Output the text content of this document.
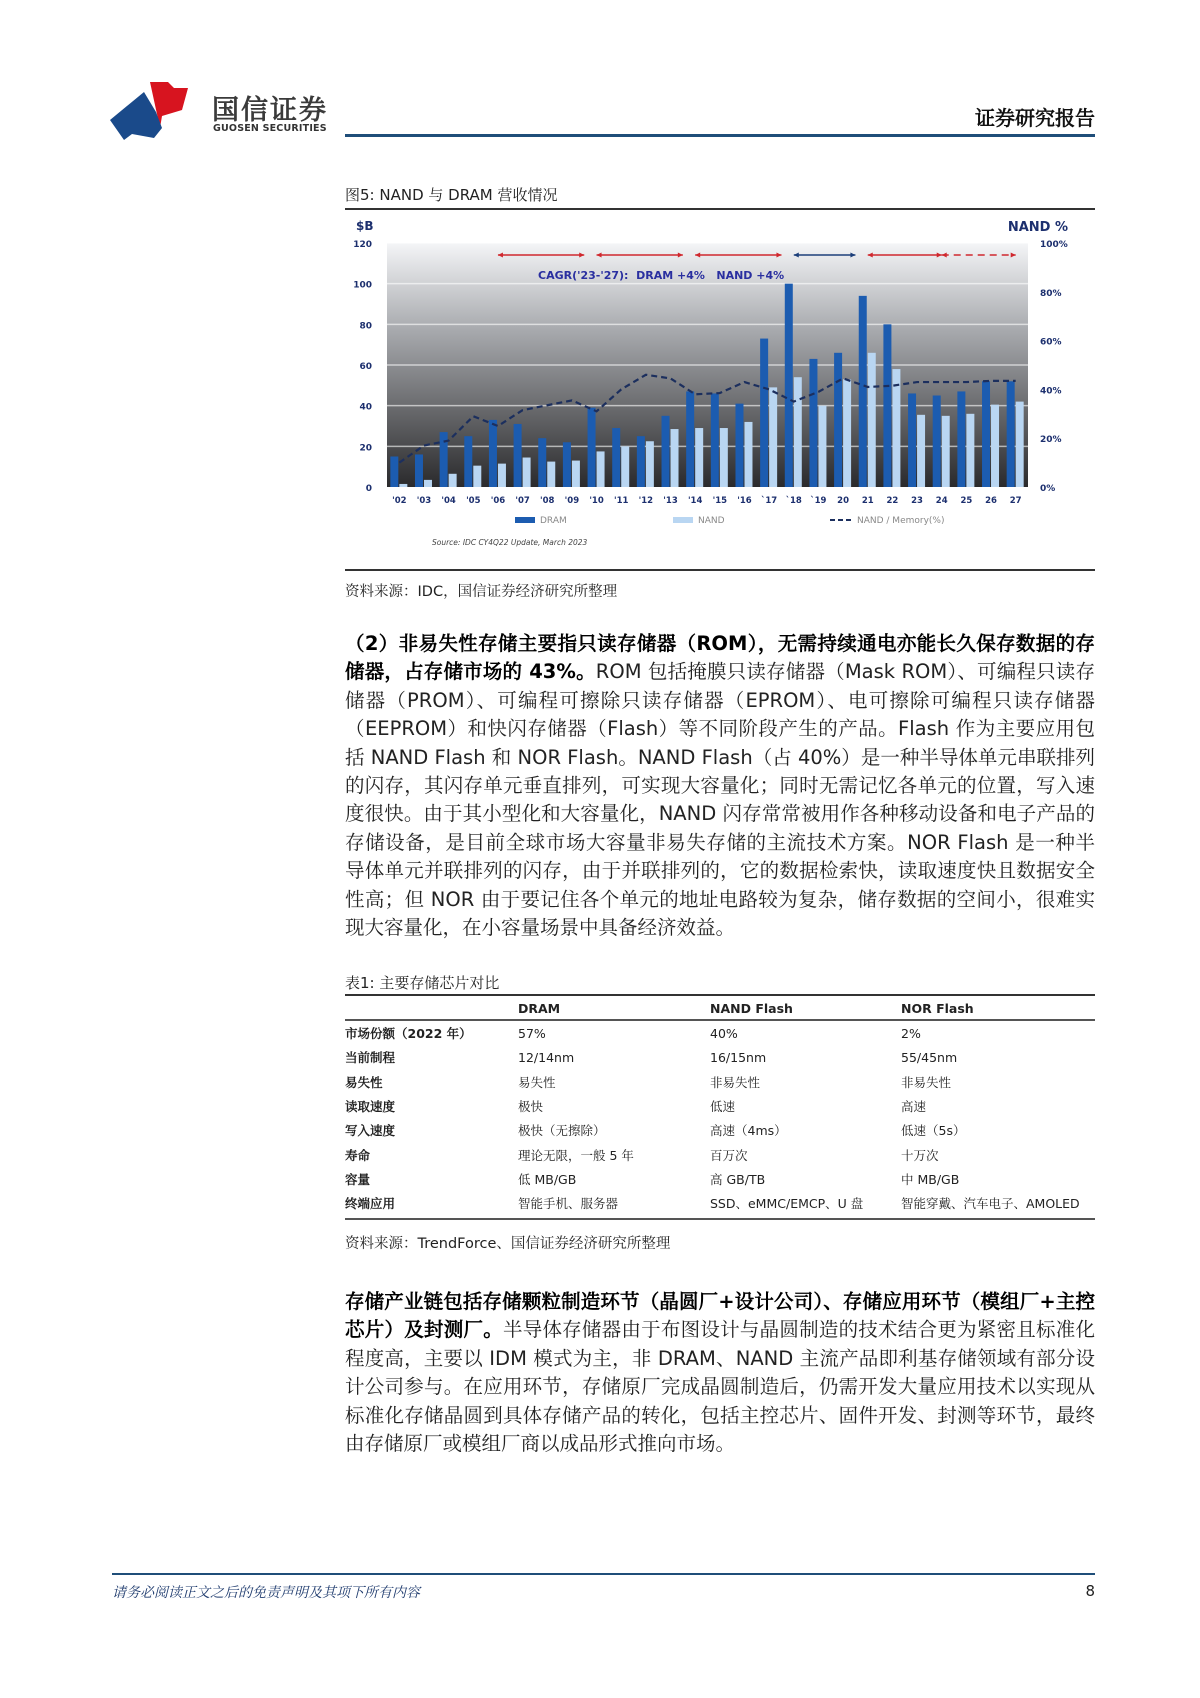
国信证券
GUOSEN SECURITIES	证券研究报告
图5: NAND 与 DRAM 营收情况
0
20
40
60
80
100
120
0%
20%
40%
60%
80%
100%
'02 '03 '04 '05 '06 '07 '08 '09 '10 '11 '12 '13 '14 '15 '16 `17 `18 `19 20 21 22 23 24 25 26 27
$B	NAND %
CAGR('23-'27):  DRAM +4%   NAND +4%
DRAM	NAND	NAND / Memory(%)
Source: IDC CY4Q22 Update, March 2023
资料来源：IDC，国信证券经济研究所整理
（2）非易失性存储主要指只读存储器（ROM），无需持续通电亦能长久保存数据的存储器，占存储市场的 43%。ROM 包括掩膜只读存储器（Mask ROM）、可编程只读存储器（PROM）、可编程可擦除只读存储器（EPROM）、电可擦除可编程只读存储器（EEPROM）和快闪存储器（Flash）等不同阶段产生的产品。Flash 作为主要应用包括 NAND Flash 和 NOR Flash。NAND Flash（占 40%）是一种半导体单元串联排列的闪存，其闪存单元垂直排列，可实现大容量化；同时无需记忆各单元的位置，写入速度很快。由于其小型化和大容量化，NAND 闪存常常被用作各种移动设备和电子产品的存储设备，是目前全球市场大容量非易失存储的主流技术方案。NOR Flash 是一种半导体单元并联排列的闪存，由于并联排列的，它的数据检索快，读取速度快且数据安全性高；但 NOR 由于要记住各个单元的地址电路较为复杂，储存数据的空间小，很难实现大容量化，在小容量场景中具备经济效益。
表1: 主要存储芯片对比
	DRAM	NAND Flash	NOR Flash
市场份额（2022 年）	57%	40%	2%
当前制程	12/14nm	16/15nm	55/45nm
易失性	易失性	非易失性	非易失性
读取速度	极快	低速	高速
写入速度	极快（无擦除）	高速（4ms）	低速（5s）
寿命	理论无限，一般 5 年	百万次	十万次
容量	低 MB/GB	高 GB/TB	中 MB/GB
终端应用	智能手机、服务器	SSD、eMMC/EMCP、U 盘	智能穿戴、汽车电子、AMOLED
资料来源：TrendForce、国信证券经济研究所整理
存储产业链包括存储颗粒制造环节（晶圆厂+设计公司）、存储应用环节（模组厂+主控芯片）及封测厂。半导体存储器由于布图设计与晶圆制造的技术结合更为紧密且标准化程度高，主要以 IDM 模式为主，非 DRAM、NAND 主流产品即利基存储领域有部分设计公司参与。在应用环节，存储原厂完成晶圆制造后，仍需开发大量应用技术以实现从标准化存储晶圆到具体存储产品的转化，包括主控芯片、固件开发、封测等环节，最终由存储原厂或模组厂商以成品形式推向市场。
请务必阅读正文之后的免责声明及其项下所有内容	8
